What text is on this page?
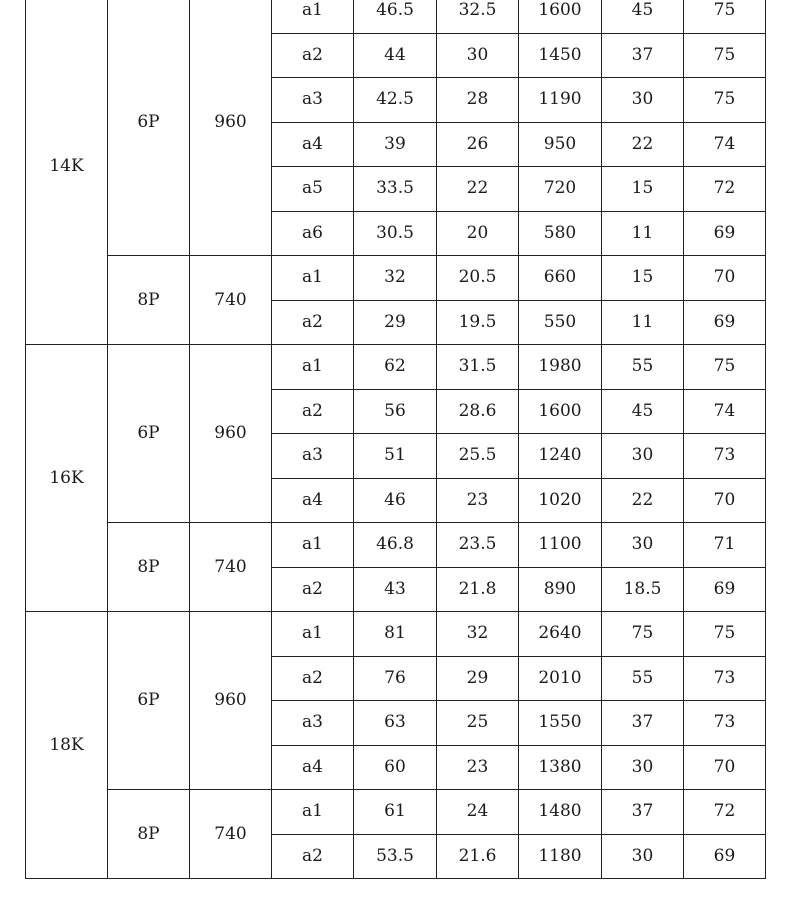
14K	6P	960	a1	46.5	32.5	1600	45	75
			a2	44	30	1450	37	75
			a3	42.5	28	1190	30	75
			a4	39	26	950	22	74
			a5	33.5	22	720	15	72
			a6	30.5	20	580	11	69
	8P	740	a1	32	20.5	660	15	70
			a2	29	19.5	550	11	69
16K	6P	960	a1	62	31.5	1980	55	75
			a2	56	28.6	1600	45	74
			a3	51	25.5	1240	30	73
			a4	46	23	1020	22	70
	8P	740	a1	46.8	23.5	1100	30	71
			a2	43	21.8	890	18.5	69
18K	6P	960	a1	81	32	2640	75	75
			a2	76	29	2010	55	73
			a3	63	25	1550	37	73
			a4	60	23	1380	30	70
	8P	740	a1	61	24	1480	37	72
			a2	53.5	21.6	1180	30	69
